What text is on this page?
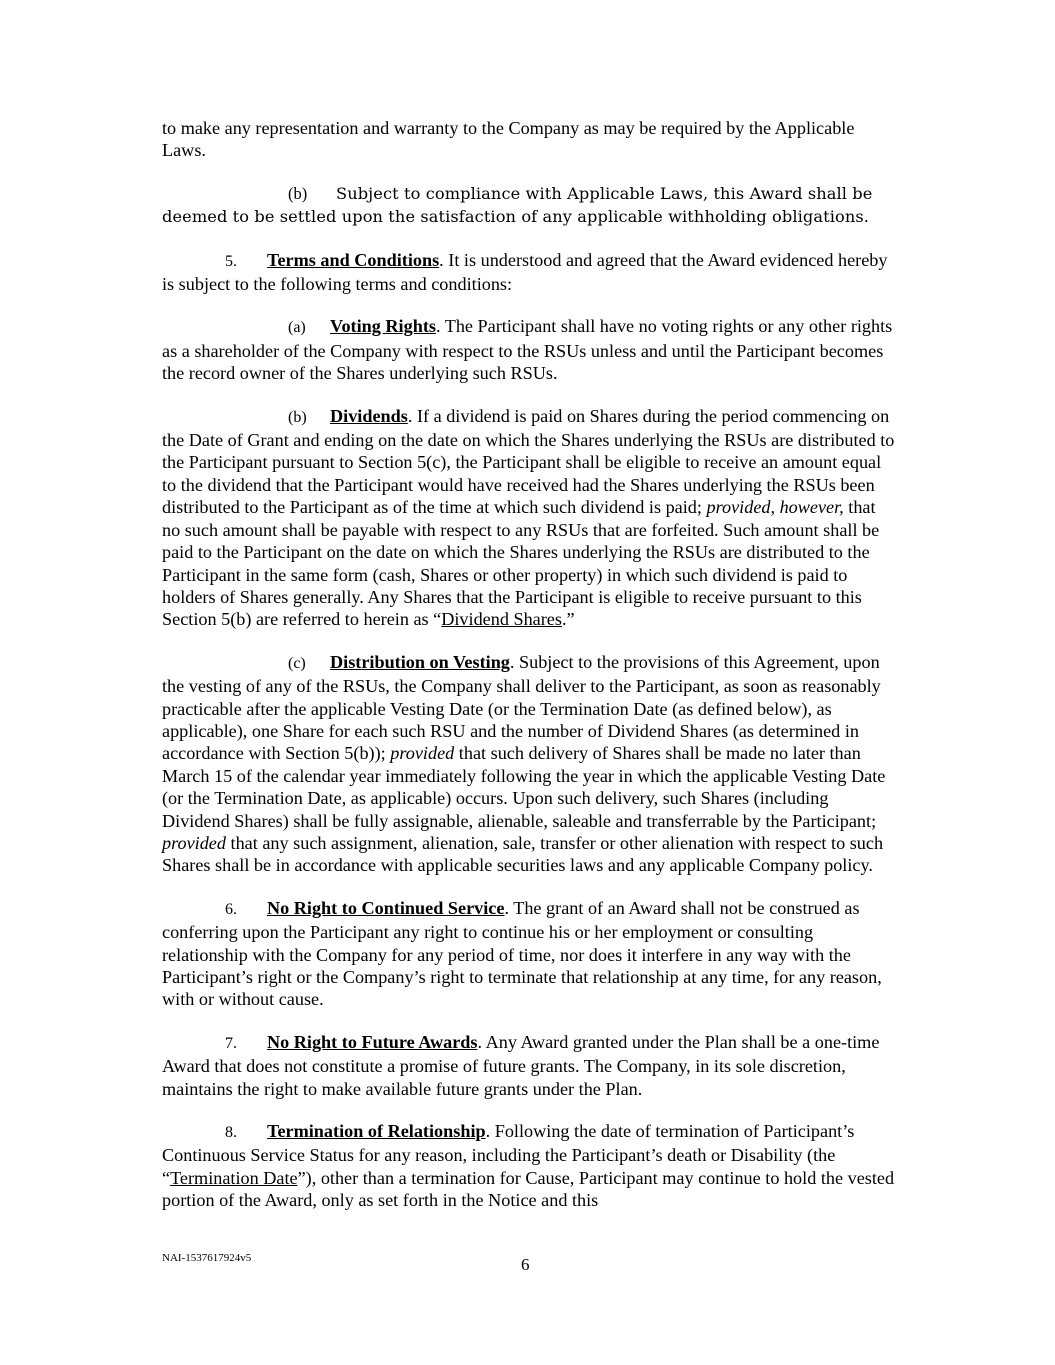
to make any representation and warranty to the Company as may be required by the Applicable Laws.

(b) Subject to compliance with Applicable Laws, this Award shall be deemed to be settled upon the satisfaction of any applicable withholding obligations.

5. Terms and Conditions. It is understood and agreed that the Award evidenced hereby is subject to the following terms and conditions:

(a) Voting Rights. The Participant shall have no voting rights or any other rights as a shareholder of the Company with respect to the RSUs unless and until the Participant becomes the record owner of the Shares underlying such RSUs.

(b) Dividends. If a dividend is paid on Shares during the period commencing on the Date of Grant and ending on the date on which the Shares underlying the RSUs are distributed to the Participant pursuant to Section 5(c), the Participant shall be eligible to receive an amount equal to the dividend that the Participant would have received had the Shares underlying the RSUs been distributed to the Participant as of the time at which such dividend is paid; provided, however, that no such amount shall be payable with respect to any RSUs that are forfeited. Such amount shall be paid to the Participant on the date on which the Shares underlying the RSUs are distributed to the Participant in the same form (cash, Shares or other property) in which such dividend is paid to holders of Shares generally. Any Shares that the Participant is eligible to receive pursuant to this Section 5(b) are referred to herein as “Dividend Shares.”

(c) Distribution on Vesting. Subject to the provisions of this Agreement, upon the vesting of any of the RSUs, the Company shall deliver to the Participant, as soon as reasonably practicable after the applicable Vesting Date (or the Termination Date (as defined below), as applicable), one Share for each such RSU and the number of Dividend Shares (as determined in accordance with Section 5(b)); provided that such delivery of Shares shall be made no later than March 15 of the calendar year immediately following the year in which the applicable Vesting Date (or the Termination Date, as applicable) occurs. Upon such delivery, such Shares (including Dividend Shares) shall be fully assignable, alienable, saleable and transferrable by the Participant; provided that any such assignment, alienation, sale, transfer or other alienation with respect to such Shares shall be in accordance with applicable securities laws and any applicable Company policy.

6. No Right to Continued Service. The grant of an Award shall not be construed as conferring upon the Participant any right to continue his or her employment or consulting relationship with the Company for any period of time, nor does it interfere in any way with the Participant’s right or the Company’s right to terminate that relationship at any time, for any reason, with or without cause.

7. No Right to Future Awards. Any Award granted under the Plan shall be a one-time Award that does not constitute a promise of future grants. The Company, in its sole discretion, maintains the right to make available future grants under the Plan.

8. Termination of Relationship. Following the date of termination of Participant’s Continuous Service Status for any reason, including the Participant’s death or Disability (the “Termination Date”), other than a termination for Cause, Participant may continue to hold the vested portion of the Award, only as set forth in the Notice and this

NAI-1537617924v5	6
